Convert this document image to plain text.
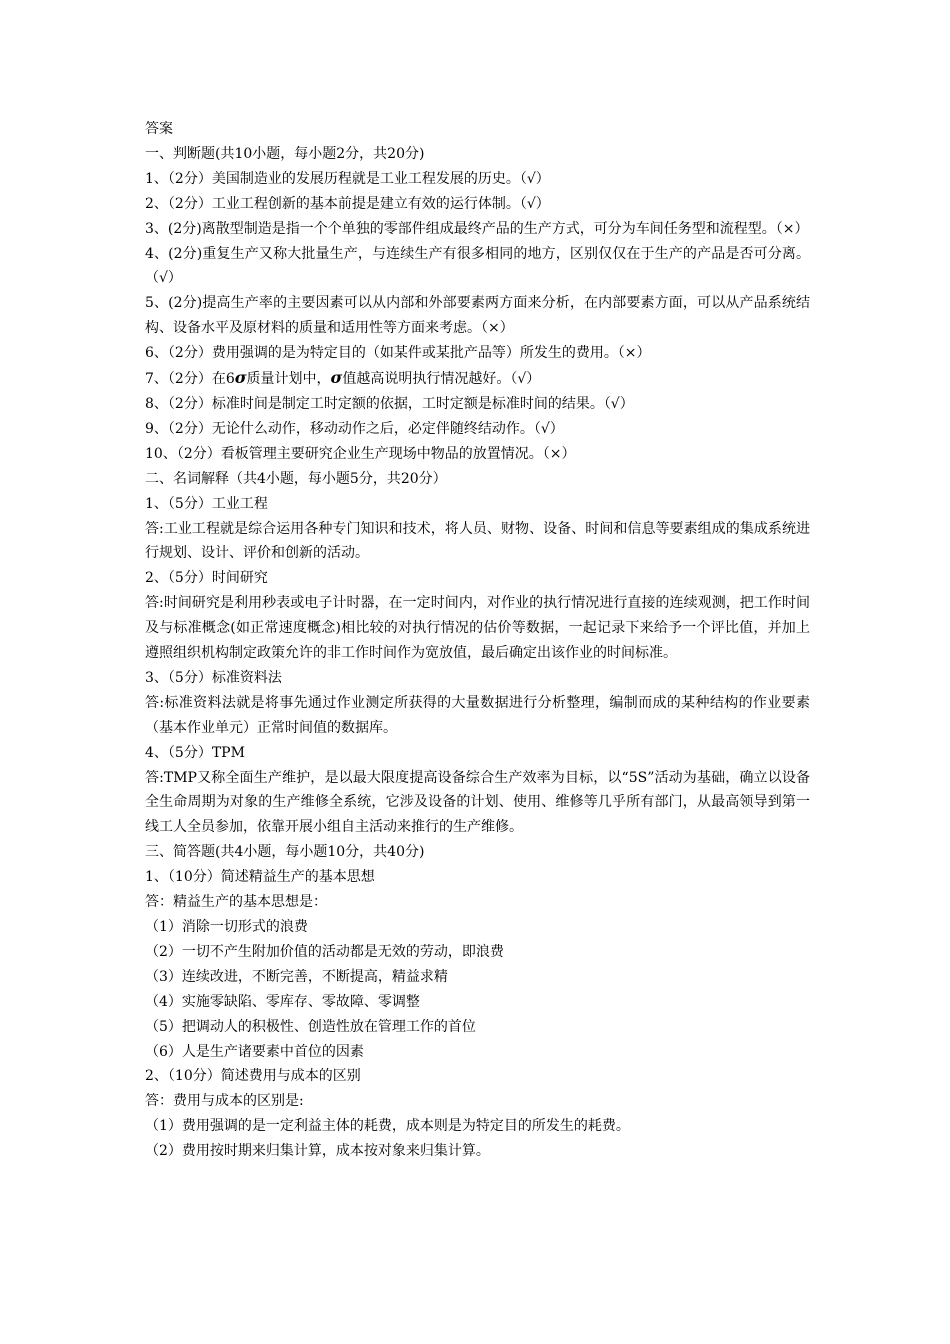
答案
一、判断题(共10小题，每小题2分，共20分)
1、（2分）美国制造业的发展历程就是工业工程发展的历史。（√）
2、（2分）工业工程创新的基本前提是建立有效的运行体制。（√）
3、(2分)离散型制造是指一个个单独的零部件组成最终产品的生产方式，可分为车间任务型和流程型。（×）
4、(2分)重复生产又称大批量生产，与连续生产有很多相同的地方，区别仅仅在于生产的产品是否可分离。（√）
5、(2分)提高生产率的主要因素可以从内部和外部要素两方面来分析，在内部要素方面，可以从产品系统结构、设备水平及原材料的质量和适用性等方面来考虑。（×）
6、（2分）费用强调的是为特定目的（如某件或某批产品等）所发生的费用。（×）
7、（2分）在6σ质量计划中，σ值越高说明执行情况越好。（√）
8、（2分）标准时间是制定工时定额的依据，工时定额是标准时间的结果。（√）
9、（2分）无论什么动作，移动动作之后，必定伴随终结动作。（√）
10、（2分）看板管理主要研究企业生产现场中物品的放置情况。（×）
二、名词解释（共4小题，每小题5分，共20分）
1、（5分）工业工程
答:工业工程就是综合运用各种专门知识和技术，将人员、财物、设备、时间和信息等要素组成的集成系统进行规划、设计、评价和创新的活动。
2、（5分）时间研究
答:时间研究是利用秒表或电子计时器，在一定时间内，对作业的执行情况进行直接的连续观测，把工作时间及与标准概念(如正常速度概念)相比较的对执行情况的估价等数据，一起记录下来给予一个评比值，并加上遵照组织机构制定政策允许的非工作时间作为宽放值，最后确定出该作业的时间标准。
3、（5分）标准资料法
答:标准资料法就是将事先通过作业测定所获得的大量数据进行分析整理，编制而成的某种结构的作业要素（基本作业单元）正常时间值的数据库。
4、（5分）TPM
答:TMP又称全面生产维护，是以最大限度提高设备综合生产效率为目标，以“5S”活动为基础，确立以设备全生命周期为对象的生产维修全系统，它涉及设备的计划、使用、维修等几乎所有部门，从最高领导到第一线工人全员参加，依靠开展小组自主活动来推行的生产维修。
三、简答题(共4小题，每小题10分，共40分)
1、（10分）简述精益生产的基本思想
答：精益生产的基本思想是：
（1）消除一切形式的浪费
（2）一切不产生附加价值的活动都是无效的劳动，即浪费
（3）连续改进，不断完善，不断提高，精益求精
（4）实施零缺陷、零库存、零故障、零调整
（5）把调动人的积极性、创造性放在管理工作的首位
（6）人是生产诸要素中首位的因素
2、（10分）简述费用与成本的区别
答：费用与成本的区别是:
（1）费用强调的是一定利益主体的耗费，成本则是为特定目的所发生的耗费。
（2）费用按时期来归集计算，成本按对象来归集计算。
